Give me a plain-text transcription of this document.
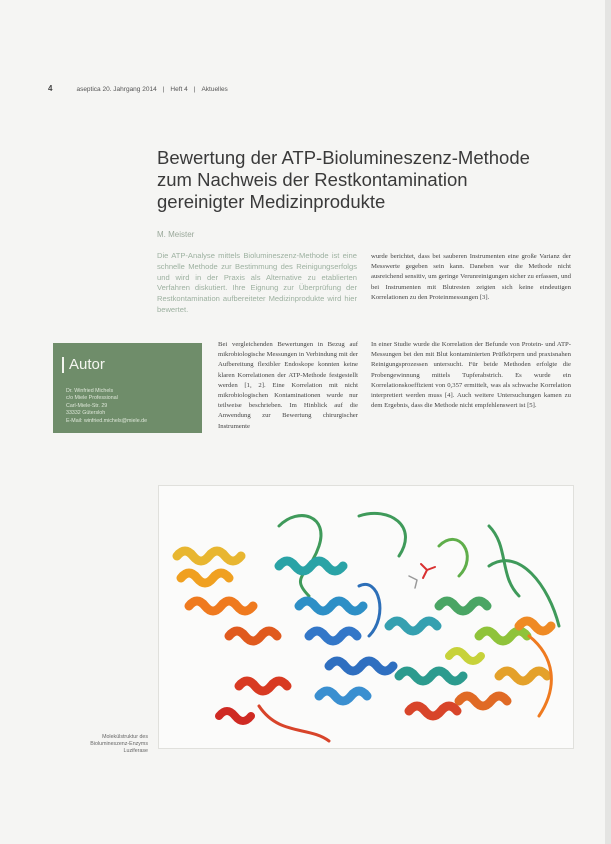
4	aseptica 20. Jahrgang 2014 | Heft 4 | Aktuelles
Bewertung der ATP-Biolumineszenz-Methode
zum Nachweis der Restkontamination
gereinigter Medizinprodukte
M. Meister

Die ATP-Analyse mittels Biolumineszenz-Methode ist eine schnelle Methode zur Bestimmung des Reinigungserfolgs und wird in der Praxis als Alternative zu etablierten Verfahren diskutiert. Ihre Eignung zur Überprüfung der Restkontamination aufbereiteter Medizinprodukte wird hier bewertet.

wurde berichtet, dass bei sauberen Instrumenten eine große Varianz der Messwerte gegeben sein kann. Daneben war die Methode nicht ausreichend sensitiv, um geringe Verunreinigungen sicher zu erfassen, und bei Instrumenten mit Blutresten zeigten sich keine eindeutigen Korrelationen zu den Proteinmessungen [3].

Autor
Dr. Winfried Michels
c/o Miele Professional
Carl-Miele-Str. 29
33332 Gütersloh
E-Mail: winfried.michels@miele.de

Bei vergleichenden Bewertungen in Bezug auf mikrobiologische Messungen in Verbindung mit der Aufbereitung flexibler Endoskope konnten keine klaren Korrelationen der ATP-Methode festgestellt werden [1, 2]. Eine Korrelation mit nicht mikrobiologischen Kontaminationen wurde nur teilweise beschrieben. Im Hinblick auf die Anwendung zur Bewertung chirurgischer Instrumente

In einer Studie wurde die Korrelation der Befunde von Protein- und ATP-Messungen bei den mit Blut kontaminierten Prüfkörpern und praxisnahen Reinigungsprozessen untersucht. Für beide Methoden erfolgte die Probengewinnung mittels Tupferabstrich. Es wurde ein Korrelationskoeffizient von 0,357 ermittelt, was als schwache Korrelation interpretiert werden muss [4]. Auch weitere Untersuchungen kamen zu dem Ergebnis, dass die Methode nicht empfehlenswert ist [5].

Molekülstruktur des
Biolumineszenz-Enzyms
Luziferase
